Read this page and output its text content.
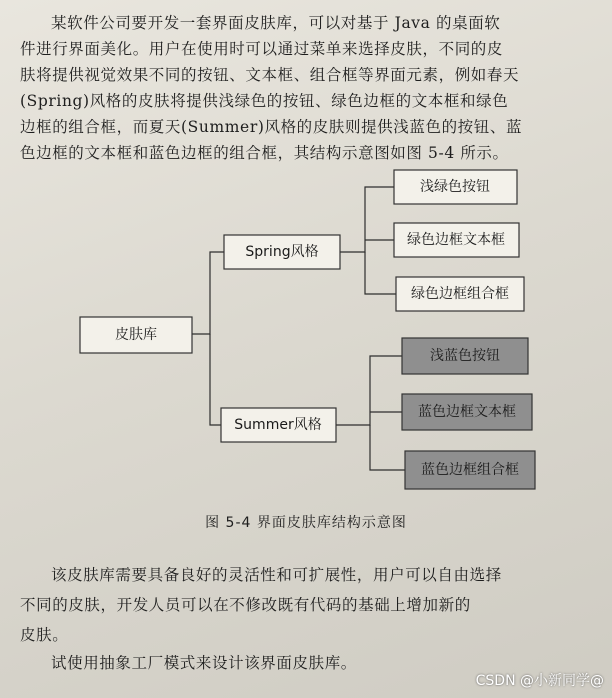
某软件公司要开发一套界面皮肤库，可以对基于 Java 的桌面软
件进行界面美化。用户在使用时可以通过菜单来选择皮肤，不同的皮
肤将提供视觉效果不同的按钮、文本框、组合框等界面元素，例如春天
(Spring)风格的皮肤将提供浅绿色的按钮、绿色边框的文本框和绿色
边框的组合框，而夏天(Summer)风格的皮肤则提供浅蓝色的按钮、蓝
色边框的文本框和蓝色边框的组合框，其结构示意图如图 5-4 所示。
皮肤库
Spring风格
Summer风格
浅绿色按钮
绿色边框文本框
绿色边框组合框
浅蓝色按钮
蓝色边框文本框
蓝色边框组合框
图 5-4 界面皮肤库结构示意图
该皮肤库需要具备良好的灵活性和可扩展性，用户可以自由选择
不同的皮肤，开发人员可以在不修改既有代码的基础上增加新的
皮肤。
试使用抽象工厂模式来设计该界面皮肤库。
CSDN @小新同学@
